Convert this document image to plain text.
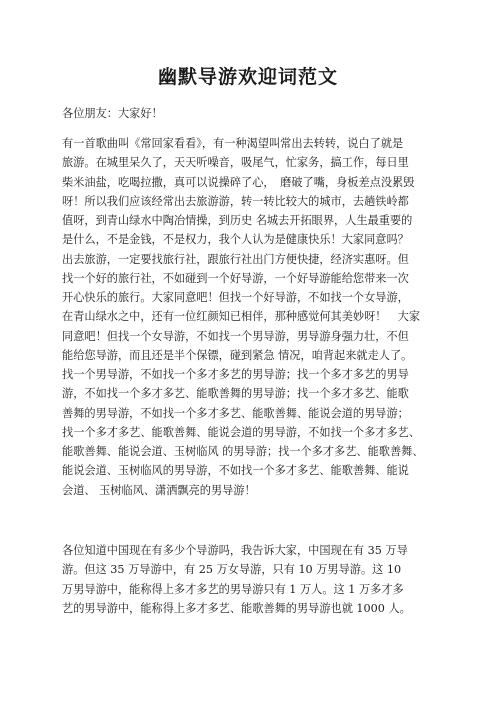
幽默导游欢迎词范文

各位朋友：大家好！

有一首歌曲叫《常回家看看》，有一种渴望叫常出去转转，说白了就是
旅游。在城里呆久了，天天听噪音，吸尾气，忙家务，搞工作，每日里
柴米油盐，吃喝拉撒，真可以说操碎了心，　磨破了嘴，身板差点没累毁
呀！所以我们应该经常出去旅游游，转一转比较大的城市，去趟铁岭都
值呀，到青山绿水中陶冶情操，到历史 名城去开拓眼界，人生最重要的
是什么，不是金钱，不是权力，我个人认为是健康快乐！大家同意吗？
出去旅游，一定要找旅行社，跟旅行社出门方便快捷，经济实惠呀。但
找一个好的旅行社，不如碰到一个好导游，一个好导游能给您带来一次
开心快乐的旅行。大家同意吧！但找一个好导游，不如找一个女导游，
在青山绿水之中，还有一位红颜知已相伴，那种感觉何其美妙呀！　大家
同意吧！但找一个女导游，不如找一个男导游，男导游身强力壮，不但
能给您导游，而且还是半个保镖，碰到紧急 情况，咱背起来就走人了。
找一个男导游，不如找一个多才多艺的男导游；找一个多才多艺的男导
游，不如找一个多才多艺、能歌善舞的男导游；找一个多才多艺、能歌
善舞的男导游，不如找一个多才多艺、能歌善舞、能说会道的男导游；
找一个多才多艺、能歌善舞、能说会道的男导游，不如找一个多才多艺、
能歌善舞、能说会道、玉树临风 的男导游；找一个多才多艺、能歌善舞、
能说会道、玉树临风的男导游，不如找一个多才多艺、能歌善舞、能说
会道、 玉树临风、潇洒飘亮的男导游！

各位知道中国现在有多少个导游吗，我告诉大家，中国现在有 35 万导
游。但这 35 万导游中，有 25 万女导游，只有 10 万男导游。这 10
万男导游中，能称得上多才多艺的男导游只有 1 万人。这 1 万多才多
艺的男导游中，能称得上多才多艺、能歌善舞的男导游也就 1000 人。
